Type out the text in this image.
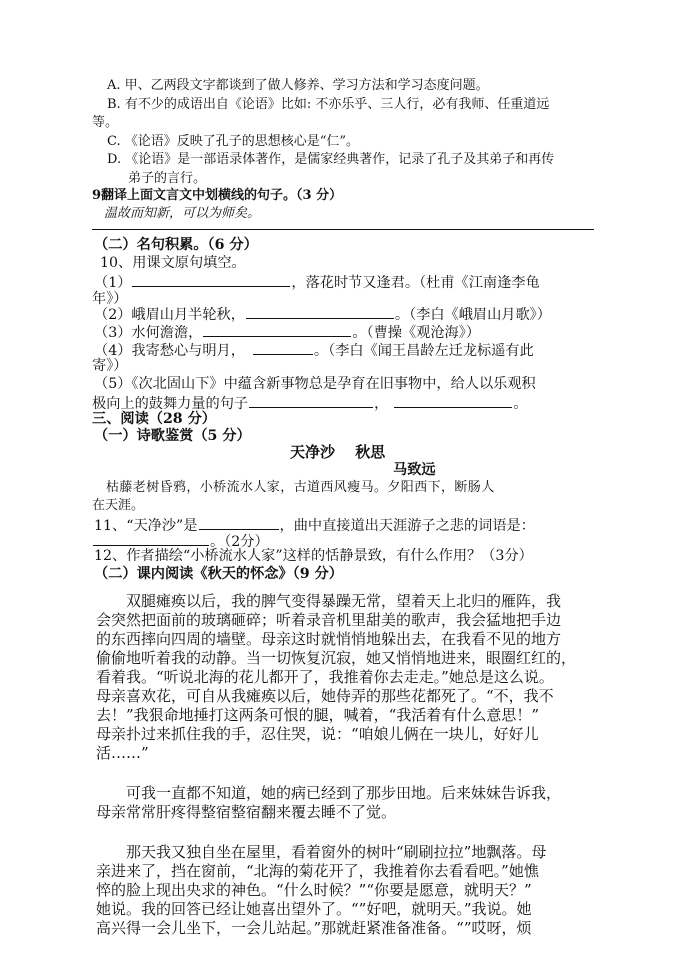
A. 甲、乙两段文字都谈到了做人修养、学习方法和学习态度问题。
B. 有不少的成语出自《论语》比如: 不亦乐乎、三人行，必有我师、任重道远
等。
C. 《论语》反映了孔子的思想核心是“仁”。
D. 《论语》是一部语录体著作，是儒家经典著作，记录了孔子及其弟子和再传
弟子的言行。
9翻译上面文言文中划横线的句子。（3 分）
温故而知新，可以为师矣。
（二）名句积累。（6 分）
10、用课文原句填空。
（1）	，落花时节又逢君。（杜甫《江南逢李龟
年》）
（2）峨眉山月半轮秋，	。（李白《峨眉山月歌》）
（3）水何澹澹，	。（曹操《观沧海》）
（4）我寄愁心与明月，	。（李白《闻王昌龄左迁龙标遥有此
寄》）
（5）《次北固山下》中蕴含新事物总是孕育在旧事物中，给人以乐观积
极向上的鼓舞力量的句子	，	。
三、阅读（28 分）
（一）诗歌鉴赏（5 分）
天净沙　 秋思
马致远
枯藤老树昏鸦，小桥流水人家，古道西风瘦马。夕阳西下，断肠人
在天涯。
11、“天净沙”是	，曲中直接道出天涯游子之悲的词语是：
。（2分）
12、作者描绘“小桥流水人家”这样的恬静景致，有什么作用？（3分）
（二）课内阅读《秋天的怀念》（9 分）
双腿瘫痪以后，我的脾气变得暴躁无常，望着天上北归的雁阵，我
会突然把面前的玻璃砸碎；听着录音机里甜美的歌声，我会猛地把手边
的东西摔向四周的墙壁。母亲这时就悄悄地躲出去，在我看不见的地方
偷偷地听着我的动静。当一切恢复沉寂，她又悄悄地进来，眼圈红红的，
看着我。“听说北海的花儿都开了，我推着你去走走。”她总是这么说。
母亲喜欢花，可自从我瘫痪以后，她侍弄的那些花都死了。“不，我不
去！”我狠命地捶打这两条可恨的腿，喊着，“我活着有什么意思！”
母亲扑过来抓住我的手，忍住哭，说：“咱娘儿俩在一块儿，好好儿
活……”
可我一直都不知道，她的病已经到了那步田地。后来妹妹告诉我，
母亲常常肝疼得整宿整宿翻来覆去睡不了觉。
那天我又独自坐在屋里，看着窗外的树叶“刷刷拉拉”地飘落。母
亲进来了，挡在窗前，“北海的菊花开了，我推着你去看看吧。”她憔
悴的脸上现出央求的神色。“什么时候？”“你要是愿意，就明天？”
她说。我的回答已经让她喜出望外了。“”好吧，就明天。”我说。她
高兴得一会儿坐下，一会儿站起。”那就赶紧准备准备。“”哎呀，烦
